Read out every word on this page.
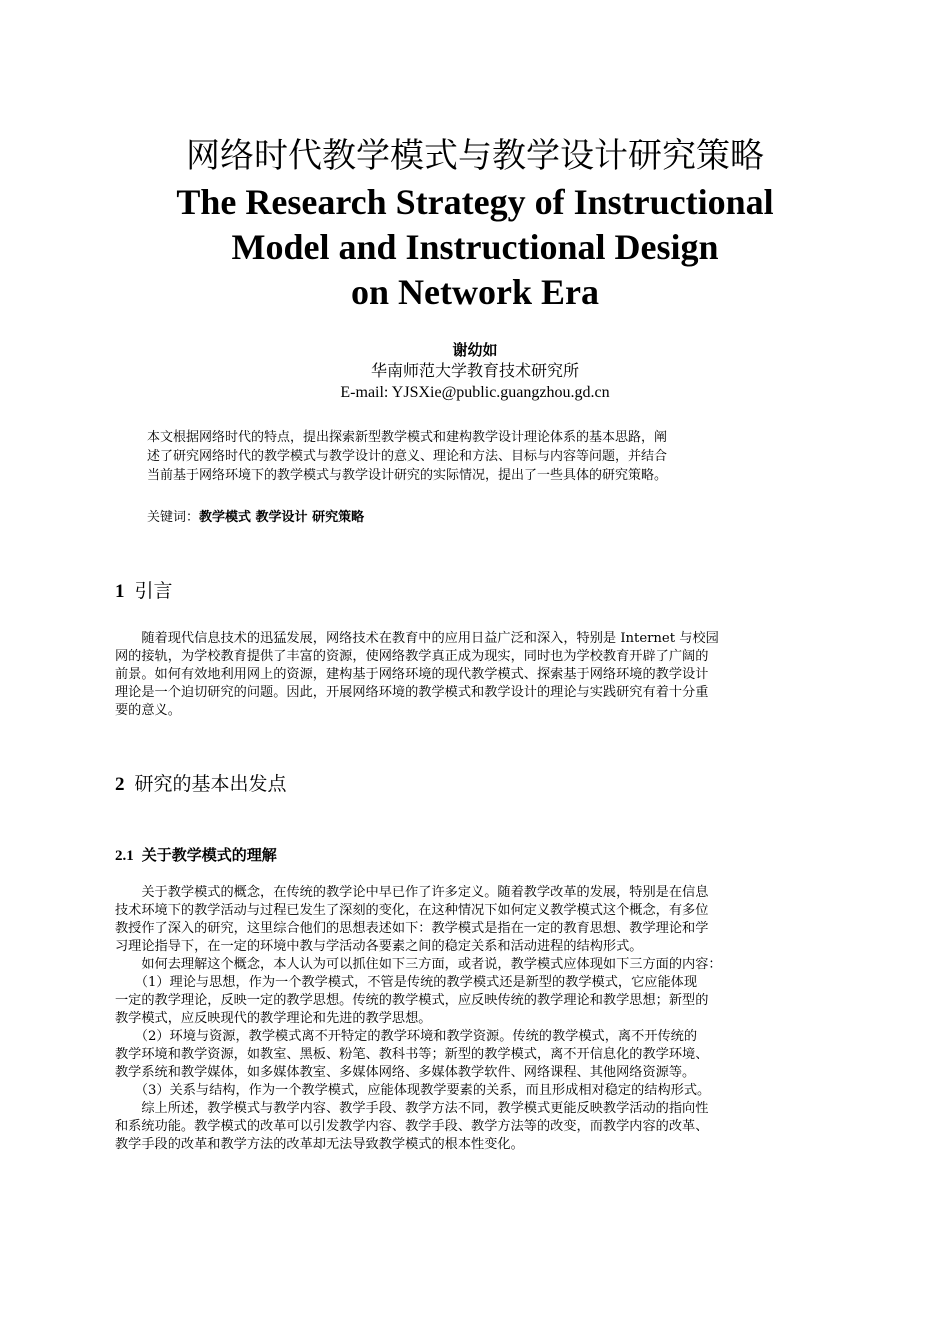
网络时代教学模式与教学设计研究策略
The Research Strategy of Instructional
Model and Instructional Design
on Network Era
谢幼如
华南师范大学教育技术研究所
E-mail: YJSXie@public.guangzhou.gd.cn
本文根据网络时代的特点，提出探索新型教学模式和建构教学设计理论体系的基本思路，阐
述了研究网络时代的教学模式与教学设计的意义、理论和方法、目标与内容等问题，并结合
当前基于网络环境下的教学模式与教学设计研究的实际情况，提出了一些具体的研究策略。
关键词：教学模式 教学设计 研究策略
1 引言
　　随着现代信息技术的迅猛发展，网络技术在教育中的应用日益广泛和深入，特别是 Internet 与校园
网的接轨，为学校教育提供了丰富的资源，使网络教学真正成为现实，同时也为学校教育开辟了广阔的
前景。如何有效地利用网上的资源，建构基于网络环境的现代教学模式、探索基于网络环境的教学设计
理论是一个迫切研究的问题。因此，开展网络环境的教学模式和教学设计的理论与实践研究有着十分重
要的意义。
2 研究的基本出发点
2.1 关于教学模式的理解
　　关于教学模式的概念，在传统的教学论中早已作了许多定义。随着教学改革的发展，特别是在信息
技术环境下的教学活动与过程已发生了深刻的变化，在这种情况下如何定义教学模式这个概念，有多位
教授作了深入的研究，这里综合他们的思想表述如下：教学模式是指在一定的教育思想、教学理论和学
习理论指导下，在一定的环境中教与学活动各要素之间的稳定关系和活动进程的结构形式。
　　如何去理解这个概念，本人认为可以抓住如下三方面，或者说，教学模式应体现如下三方面的内容：
　　（1）理论与思想，作为一个教学模式，不管是传统的教学模式还是新型的教学模式，它应能体现
一定的教学理论，反映一定的教学思想。传统的教学模式，应反映传统的教学理论和教学思想；新型的
教学模式，应反映现代的教学理论和先进的教学思想。
　　（2）环境与资源，教学模式离不开特定的教学环境和教学资源。传统的教学模式，离不开传统的
教学环境和教学资源，如教室、黑板、粉笔、教科书等；新型的教学模式，离不开信息化的教学环境、
教学系统和教学媒体，如多媒体教室、多媒体网络、多媒体教学软件、网络课程、其他网络资源等。
　　（3）关系与结构，作为一个教学模式，应能体现教学要素的关系，而且形成相对稳定的结构形式。
　　综上所述，教学模式与教学内容、教学手段、教学方法不同，教学模式更能反映教学活动的指向性
和系统功能。教学模式的改革可以引发教学内容、教学手段、教学方法等的改变，而教学内容的改革、
教学手段的改革和教学方法的改革却无法导致教学模式的根本性变化。
